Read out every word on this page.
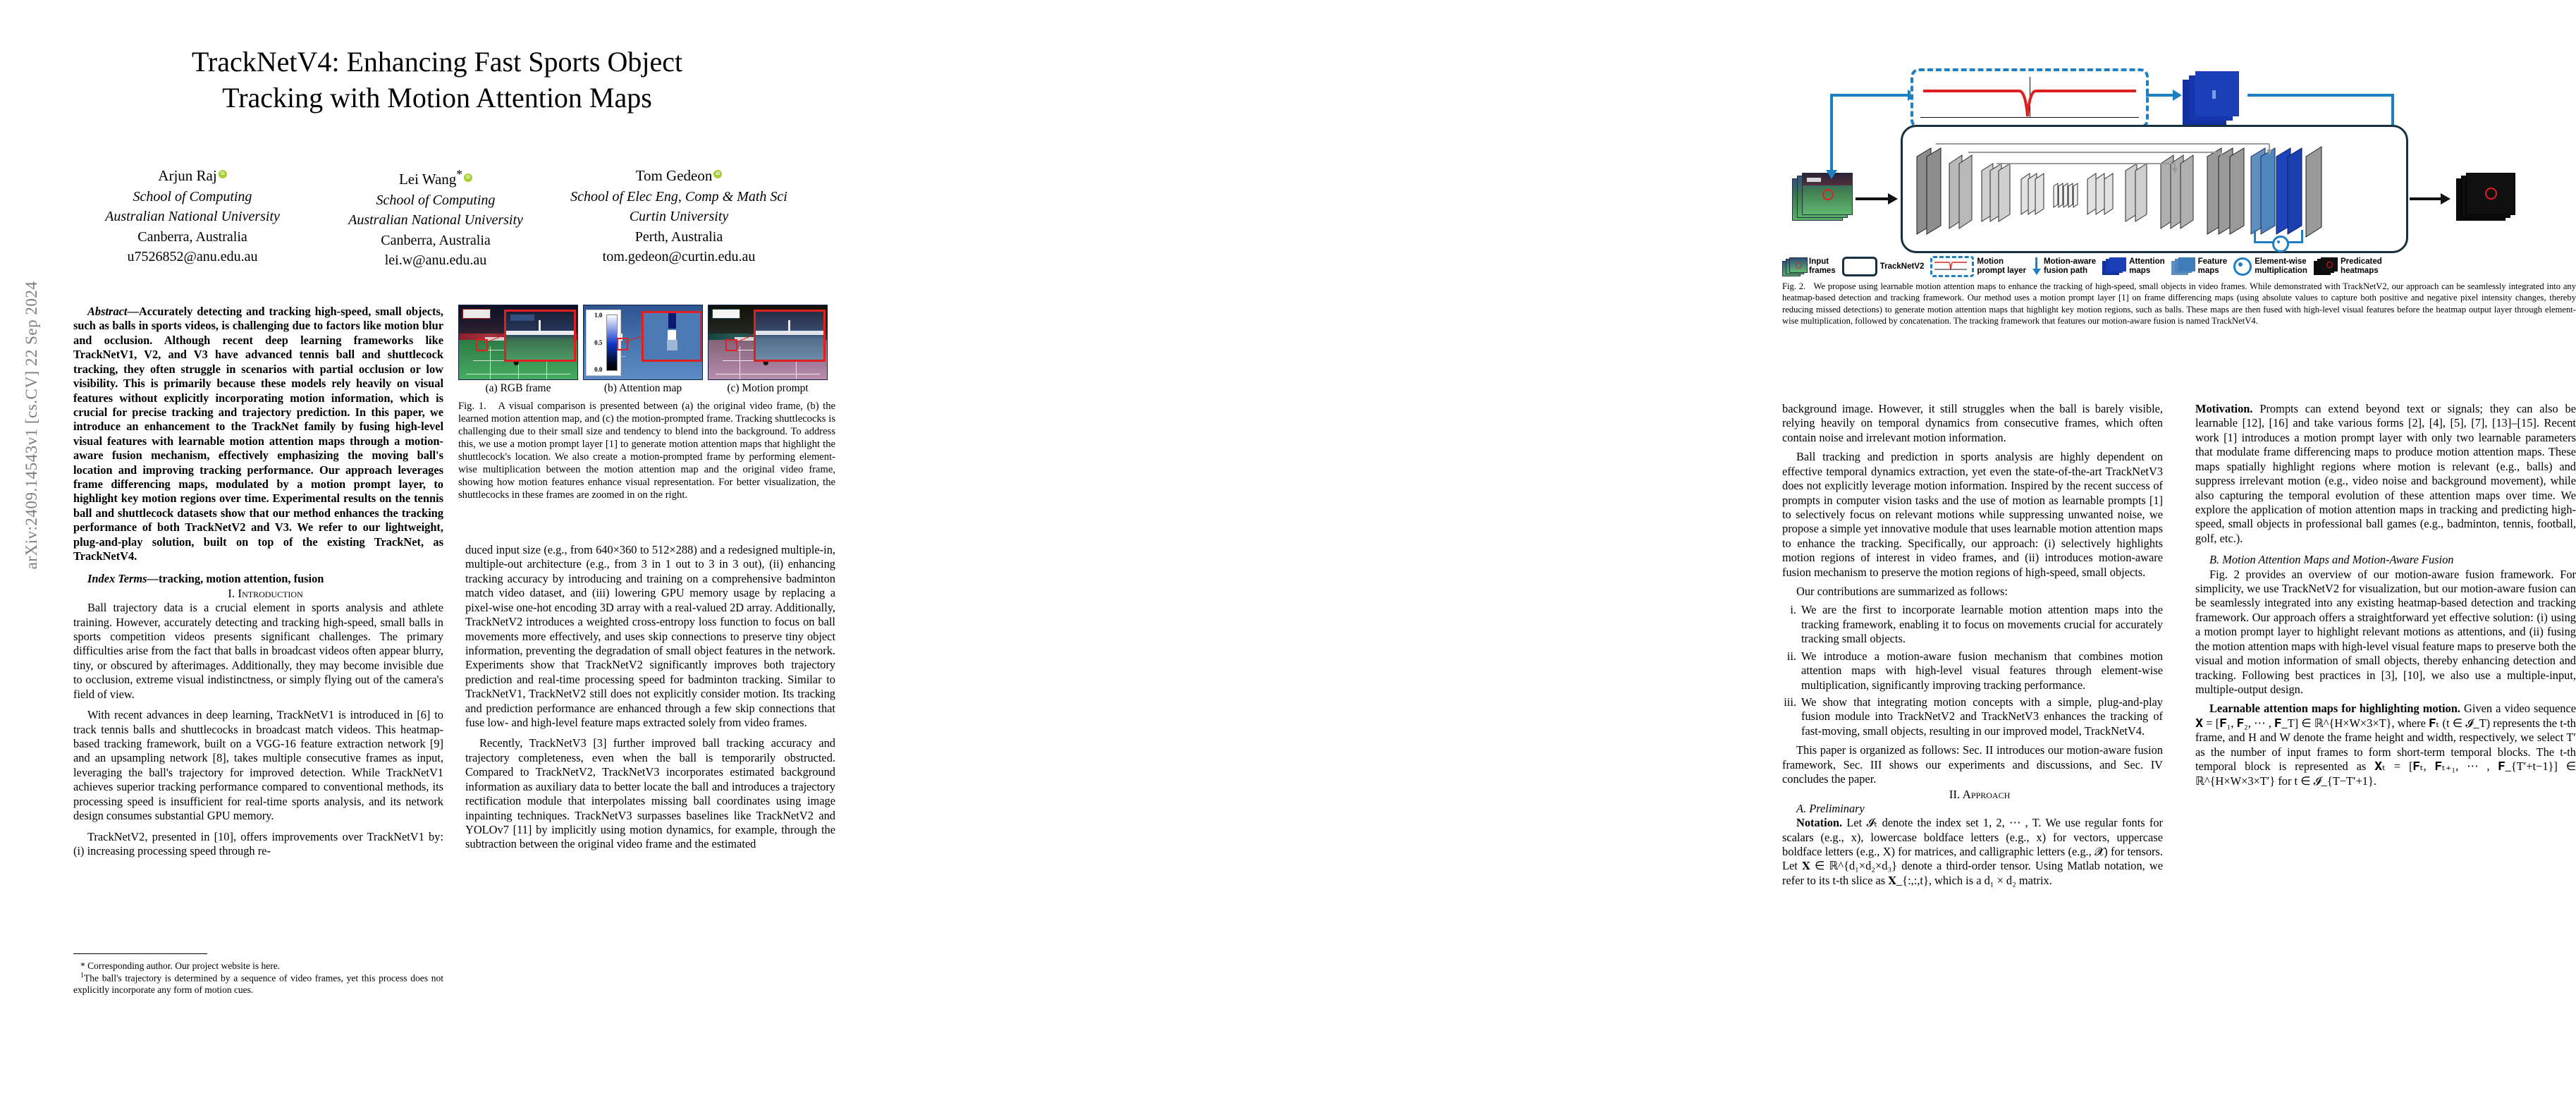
arXiv:2409.14543v1 [cs.CV] 22 Sep 2024
TrackNetV4: Enhancing Fast Sports Object
Tracking with Motion Attention Maps
Arjun RajiD
School of Computing
Australian National University
Canberra, Australia
u7526852@anu.edu.au
Lei Wang*iD
School of Computing
Australian National University
Canberra, Australia
lei.w@anu.edu.au
Tom GedeoniD
School of Elec Eng, Comp & Math Sci
Curtin University
Perth, Australia
tom.gedeon@curtin.edu.au

Abstract—Accurately detecting and tracking high-speed, small objects, such as balls in sports videos, is challenging due to factors like motion blur and occlusion. Although recent deep learning frameworks like TrackNetV1, V2, and V3 have advanced tennis ball and shuttlecock tracking, they often struggle in scenarios with partial occlusion or low visibility. This is primarily because these models rely heavily on visual features without explicitly incorporating motion information, which is crucial for precise tracking and trajectory prediction. In this paper, we introduce an enhancement to the TrackNet family by fusing high-level visual features with learnable motion attention maps through a motion-aware fusion mechanism, effectively emphasizing the moving ball's location and improving tracking performance. Our approach leverages frame differencing maps, modulated by a motion prompt layer, to highlight key motion regions over time. Experimental results on the tennis ball and shuttlecock datasets show that our method enhances the tracking performance of both TrackNetV2 and V3. We refer to our lightweight, plug-and-play solution, built on top of the existing TrackNet, as TrackNetV4.

Index Terms—tracking, motion attention, fusion

I. Introduction

Ball trajectory data is a crucial element in sports analysis and athlete training. However, accurately detecting and tracking high-speed, small balls in sports competition videos presents significant challenges. The primary difficulties arise from the fact that balls in broadcast videos often appear blurry, tiny, or obscured by afterimages. Additionally, they may become invisible due to occlusion, extreme visual indistinctness, or simply flying out of the camera's field of view.

With recent advances in deep learning, TrackNetV1 is introduced in [6] to track tennis balls and shuttlecocks in broadcast match videos. This heatmap-based tracking framework, built on a VGG-16 feature extraction network [9] and an upsampling network [8], takes multiple consecutive frames as input, leveraging the ball's trajectory for improved detection. While TrackNetV1 achieves superior tracking performance compared to conventional methods, its processing speed is insufficient for real-time sports analysis, and its network design consumes substantial GPU memory.

TrackNetV2, presented in [10], offers improvements over TrackNetV1 by: (i) increasing processing speed through re-

* Corresponding author. Our project website is here.

$^1$The ball's trajectory is determined by a sequence of video frames, yet this process does not explicitly incorporate any form of motion cues.

1.0
0.5
0.0
(a) RGB frame	(b) Attention map	(c) Motion prompt
Fig. 1. A visual comparison is presented between (a) the original video frame, (b) the learned motion attention map, and (c) the motion-prompted frame. Tracking shuttlecocks is challenging due to their small size and tendency to blend into the background. To address this, we use a motion prompt layer [1] to generate motion attention maps that highlight the shuttlecock's location. We also create a motion-prompted frame by performing element-wise multiplication between the motion attention map and the original video frame, showing how motion features enhance visual representation. For better visualization, the shuttlecocks in these frames are zoomed in on the right.

duced input size (e.g., from 640×360 to 512×288) and a redesigned multiple-in, multiple-out architecture (e.g., from 3 in 1 out to 3 in 3 out), (ii) enhancing tracking accuracy by introducing and training on a comprehensive badminton match video dataset, and (iii) lowering GPU memory usage by replacing a pixel-wise one-hot encoding 3D array with a real-valued 2D array. Additionally, TrackNetV2 introduces a weighted cross-entropy loss function to focus on ball movements more effectively, and uses skip connections to preserve tiny object information, preventing the degradation of small object features in the network. Experiments show that TrackNetV2 significantly improves both trajectory prediction and real-time processing speed for badminton tracking. Similar to TrackNetV1, TrackNetV2 still does not explicitly consider motion. Its tracking and prediction performance are enhanced through a few skip connections that fuse low- and high-level feature maps extracted solely from video frames.

Recently, TrackNetV3 [3] further improved ball tracking accuracy and trajectory completeness, even when the ball is temporarily obstructed. Compared to TrackNetV2, TrackNetV3 incorporates estimated background information as auxiliary data to better locate the ball and introduces a trajectory rectification module that interpolates missing ball coordinates using image inpainting techniques. TrackNetV3 surpasses baselines like TrackNetV2 and YOLOv7 [11] by implicitly using motion dynamics, for example, through the subtraction between the original video frame and the estimated

Input
frames
TrackNetV2
Motion
prompt layer
Motion-aware
fusion path
Attention
maps
Feature
maps
Element-wise
multiplication
Predicated
heatmaps
Fig. 2. We propose using learnable motion attention maps to enhance the tracking of high-speed, small objects in video frames. While demonstrated with TrackNetV2, our approach can be seamlessly integrated into any heatmap-based detection and tracking framework. Our method uses a motion prompt layer [1] on frame differencing maps (using absolute values to capture both positive and negative pixel intensity changes, thereby reducing missed detections) to generate motion attention maps that highlight key motion regions, such as balls. These maps are then fused with high-level visual features before the heatmap output layer through element-wise multiplication, followed by concatenation. The tracking framework that features our motion-aware fusion is named TrackNetV4.

background image. However, it still struggles when the ball is barely visible, relying heavily on temporal dynamics from consecutive frames, which often contain noise and irrelevant motion information.

Ball tracking and prediction in sports analysis are highly dependent on effective temporal dynamics extraction, yet even the state-of-the-art TrackNetV3 does not explicitly leverage motion information. Inspired by the recent success of prompts in computer vision tasks and the use of motion as learnable prompts [1] to selectively focus on relevant motions while suppressing unwanted noise, we propose a simple yet innovative module that uses learnable motion attention maps to enhance the tracking. Specifically, our approach: (i) selectively highlights motion regions of interest in video frames, and (ii) introduces motion-aware fusion mechanism to preserve the motion regions of high-speed, small objects.

Our contributions are summarized as follows:

i. We are the first to incorporate learnable motion attention maps into the tracking framework, enabling it to focus on movements crucial for accurately tracking small objects.
ii. We introduce a motion-aware fusion mechanism that combines motion attention maps with high-level visual features through element-wise multiplication, significantly improving tracking performance.
iii. We show that integrating motion concepts with a simple, plug-and-play fusion module into TrackNetV2 and TrackNetV3 enhances the tracking of fast-moving, small objects, resulting in our improved model, TrackNetV4.

This paper is organized as follows: Sec. II introduces our motion-aware fusion framework, Sec. III shows our experiments and discussions, and Sec. IV concludes the paper.

II. Approach

A. Preliminary

Notation. Let 𝓘ₜ denote the index set 1, 2, ⋯ , T. We use regular fonts for scalars (e.g., x), lowercase boldface letters (e.g., x) for vectors, uppercase boldface letters (e.g., X) for matrices, and calligraphic letters (e.g., 𝓧) for tensors. Let 𝐗 ∈ ℝ^{d₁×d₂×d₃} denote a third-order tensor. Using Matlab notation, we refer to its t-th slice as 𝐗_{:,:,t}, which is a d₁ × d₂ matrix.

Motivation. Prompts can extend beyond text or signals; they can also be learnable [12], [16] and take various forms [2], [4], [5], [7], [13]–[15]. Recent work [1] introduces a motion prompt layer with only two learnable parameters that modulate frame differencing maps to produce motion attention maps. These maps spatially highlight regions where motion is relevant (e.g., balls) and suppress irrelevant motion (e.g., video noise and background movement), while also capturing the temporal evolution of these attention maps over time. We explore the application of motion attention maps in tracking and predicting high-speed, small objects in professional ball games (e.g., badminton, tennis, football, golf, etc.).

B. Motion Attention Maps and Motion-Aware Fusion

Fig. 2 provides an overview of our motion-aware fusion framework. For simplicity, we use TrackNetV2 for visualization, but our motion-aware fusion can be seamlessly integrated into any existing heatmap-based detection and tracking framework. Our approach offers a straightforward yet effective solution: (i) using a motion prompt layer to highlight relevant motions as attentions, and (ii) fusing the motion attention maps with high-level visual feature maps to preserve both the visual and motion information of small objects, thereby enhancing detection and tracking. Following best practices in [3], [10], we also use a multiple-input, multiple-output design.

Learnable attention maps for highlighting motion. Given a video sequence 𝐗 = [𝐅₁, 𝐅₂, ⋯ , 𝐅_T] ∈ ℝ^{H×W×3×T}, where 𝐅ₜ (t ∈ 𝓘_T) represents the t-th frame, and H and W denote the frame height and width, respectively, we select T′ as the number of input frames to form short-term temporal blocks. The t-th temporal block is represented as 𝐗ₜ = [𝐅ₜ, 𝐅ₜ₊₁, ⋯ , 𝐅_{T′+t−1}] ∈ ℝ^{H×W×3×T′} for t ∈ 𝓘_{T−T′+1}.
